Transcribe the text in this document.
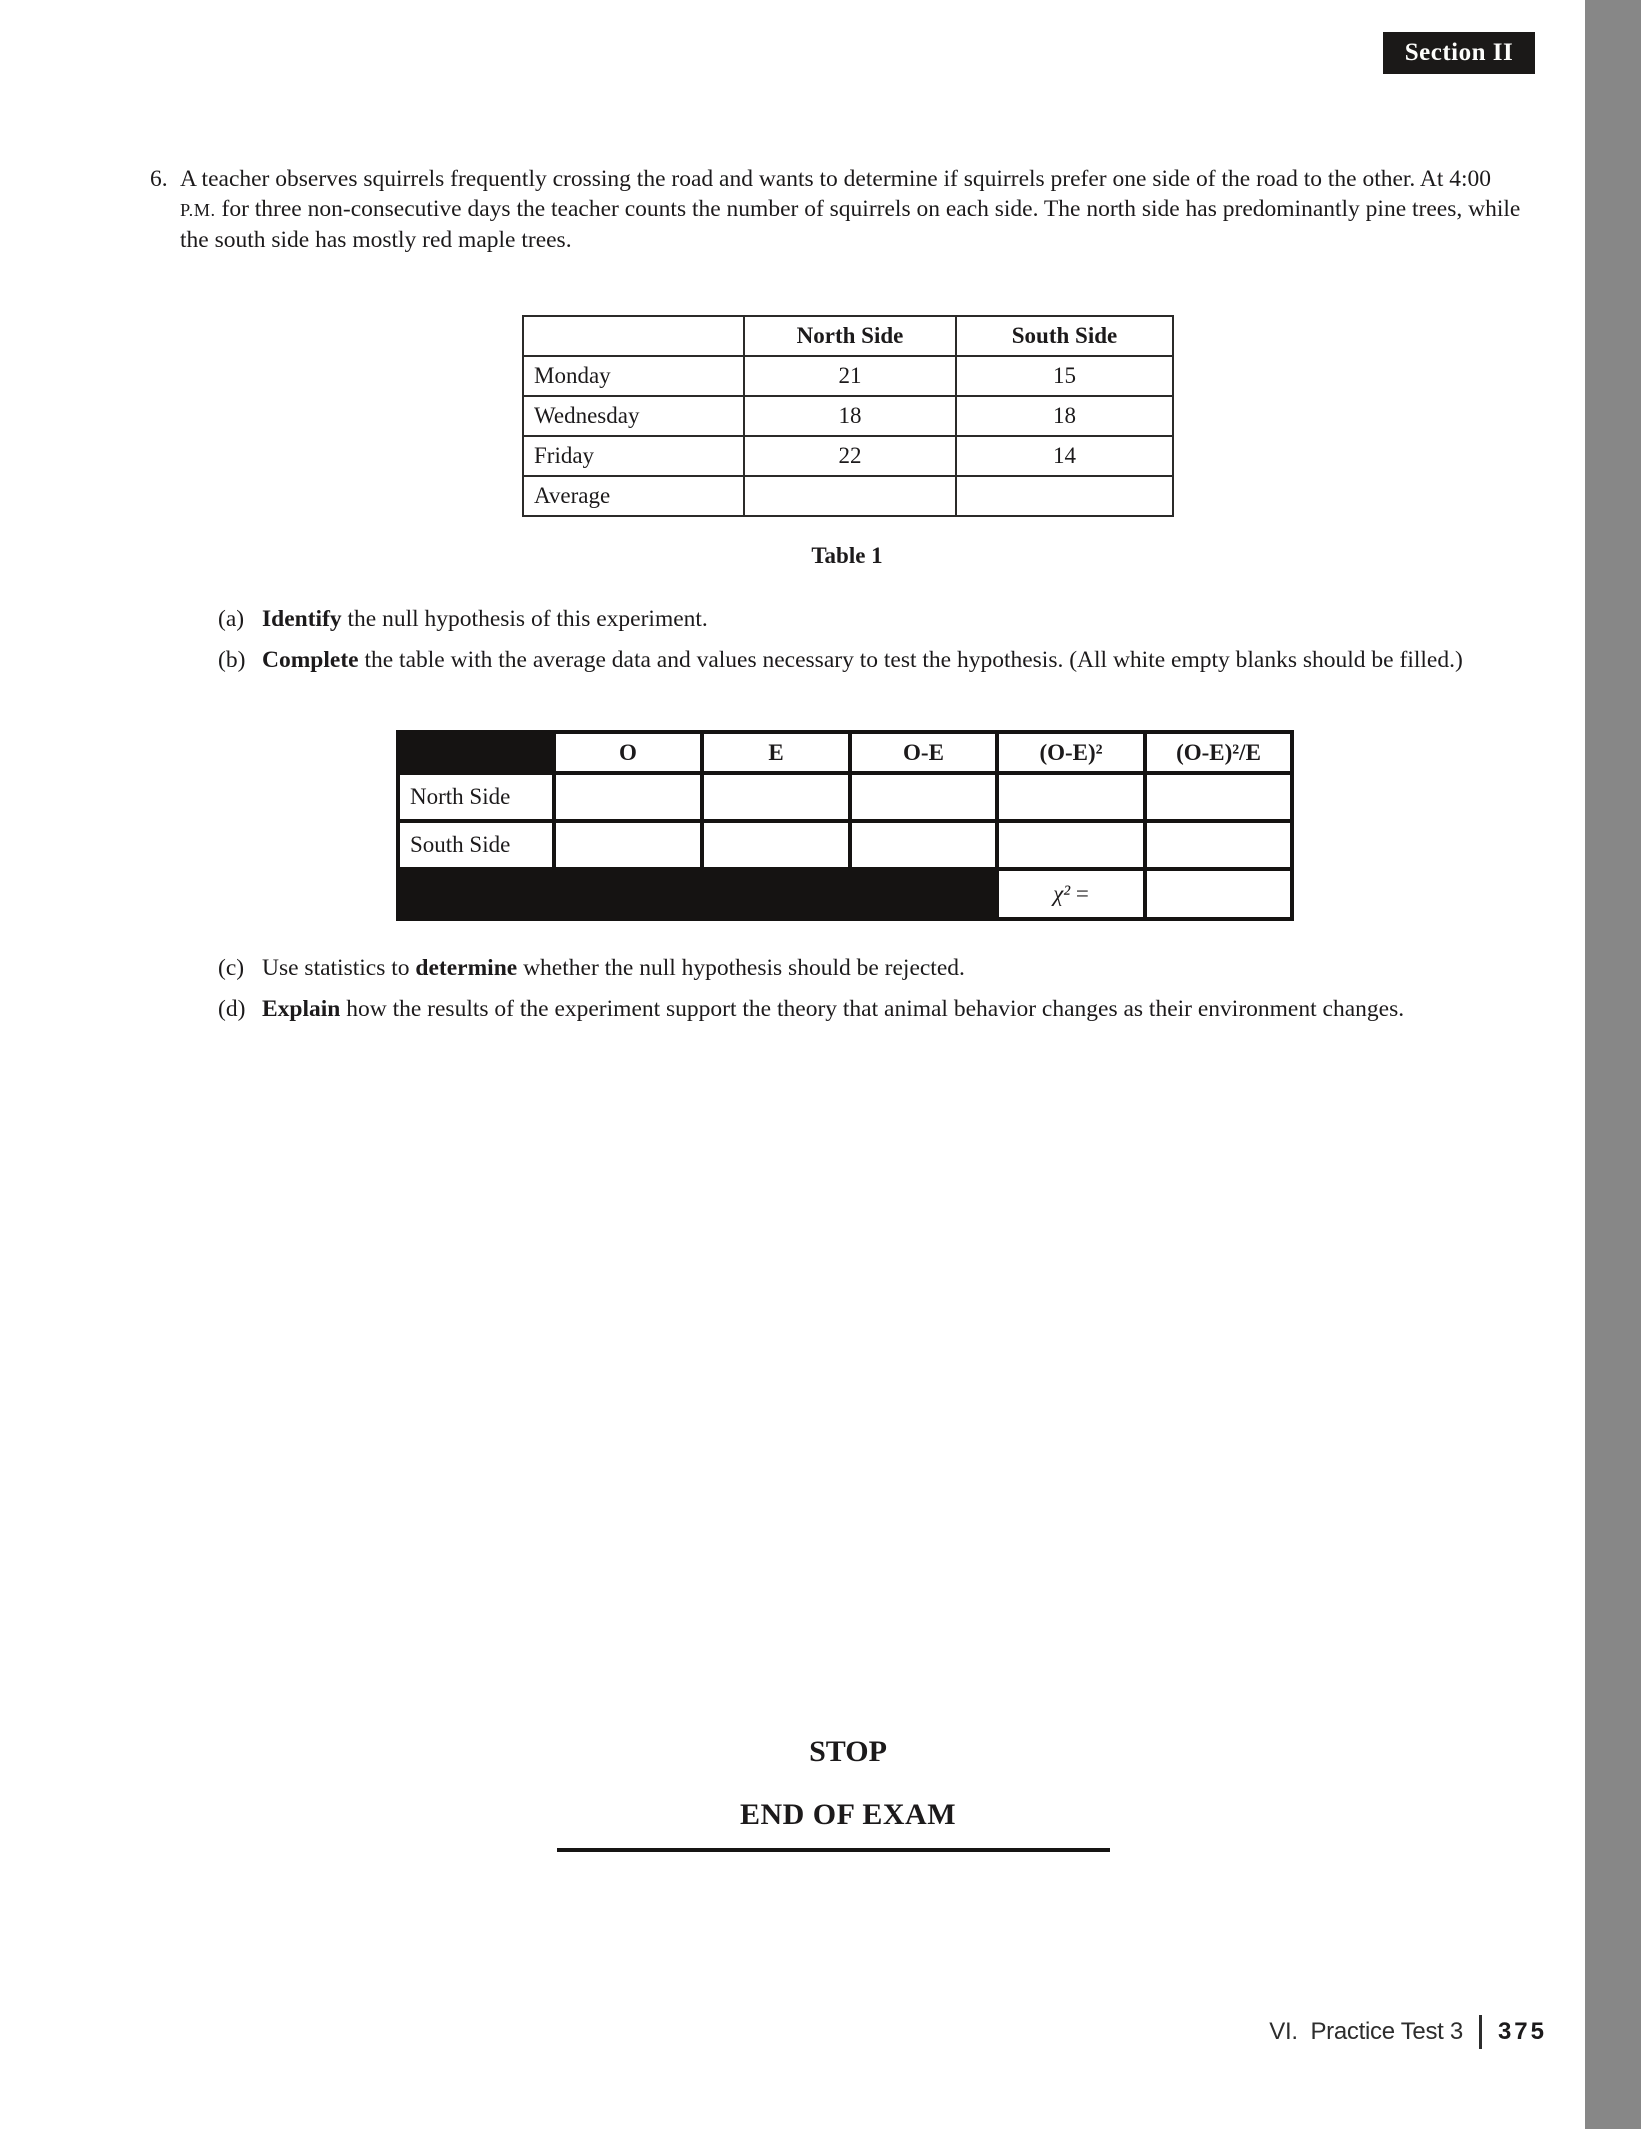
Section II
6. A teacher observes squirrels frequently crossing the road and wants to determine if squirrels prefer one side of the road to the other. At 4:00 P.M. for three non-consecutive days the teacher counts the number of squirrels on each side. The north side has predominantly pine trees, while the south side has mostly red maple trees.
	North Side	South Side
Monday	21	15
Wednesday	18	18
Friday	22	14
Average		
Table 1
(a) Identify the null hypothesis of this experiment.
(b) Complete the table with the average data and values necessary to test the hypothesis. (All white empty blanks should be filled.)
	O	E	O-E	(O-E)²	(O-E)²/E
North Side					
South Side					
				χ² =	
(c) Use statistics to determine whether the null hypothesis should be rejected.
(d) Explain how the results of the experiment support the theory that animal behavior changes as their environment changes.
STOP
END OF EXAM
VI.  Practice Test 3 375
